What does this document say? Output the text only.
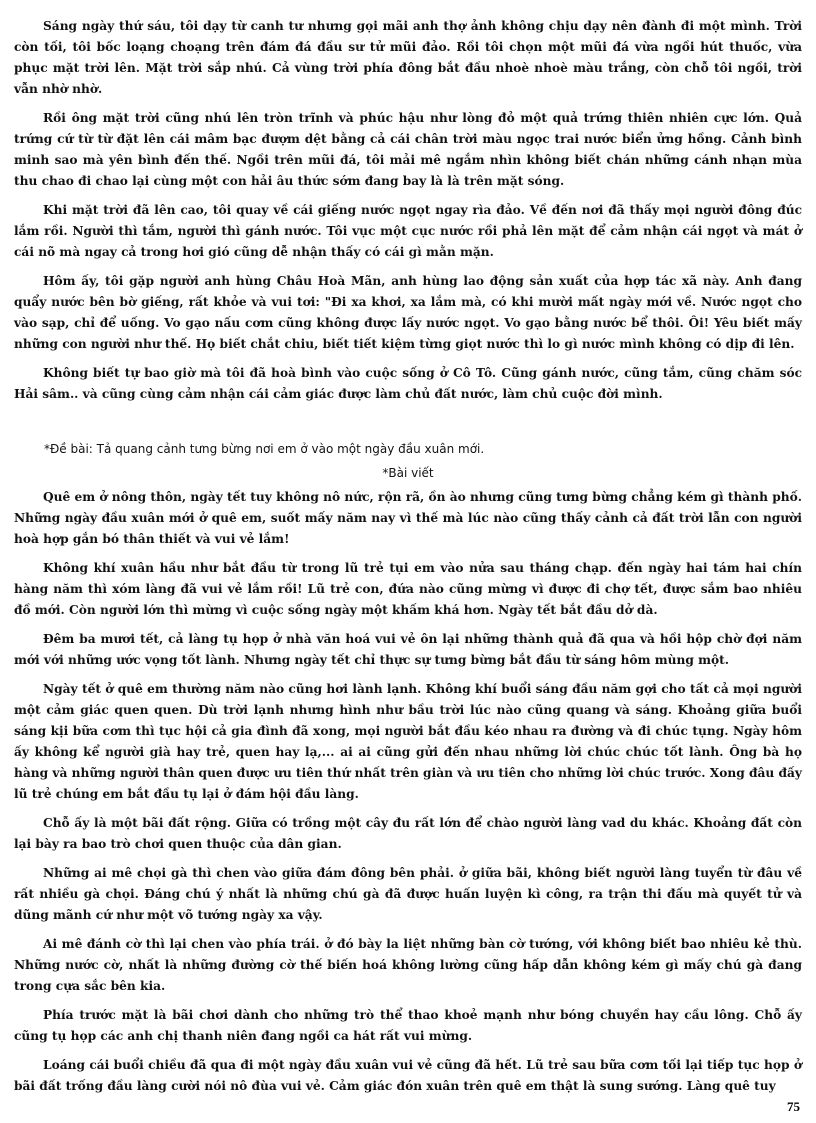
Sáng ngày thứ sáu, tôi dạy từ canh tư nhưng gọi mãi anh thợ ảnh không chịu dạy nên đành đi một mình. Trời còn tối, tôi bốc loạng choạng trên đám đá đầu sư tử mũi đảo. Rồi tôi chọn một mũi đá vừa ngồi hút thuốc, vừa phục mặt trời lên. Mặt trời sắp nhú. Cả vùng trời phía đông bắt đầu nhoè nhoè màu trắng, còn chỗ tôi ngồi, trời vẫn nhờ nhờ.

Rồi ông mặt trời cũng nhú lên tròn trĩnh và phúc hậu như lòng đỏ một quả trứng thiên nhiên cực lớn. Quả trứng cứ từ từ đặt lên cái mâm bạc đượm dệt bằng cả cái chân trời màu ngọc trai nước biển ửng hồng. Cảnh bình minh sao mà yên bình đến thế. Ngồi trên mũi đá, tôi mải mê ngắm nhìn không biết chán những cánh nhạn mùa thu chao đi chao lại cùng một con hải âu thức sớm đang bay là là trên mặt sóng.

Khi mặt trời đã lên cao, tôi quay về cái giếng nước ngọt ngay rìa đảo. Về đến nơi đã thấy mọi người đông đúc lắm rồi. Người thì tắm, người thì gánh nước. Tôi vục một cục nước rồi phả lên mặt để cảm nhận cái ngọt và mát ở cái nõ mà ngay cả trong hơi gió cũng dễ nhận thấy có cái gì mằn mặn.

Hôm ấy, tôi gặp người anh hùng Châu Hoà Mãn, anh hùng lao động sản xuất của hợp tác xã này. Anh đang quẩy nước bên bờ giếng, rất khỏe và vui tơi: "Đi xa khơi, xa lắm mà, có khi mười mất ngày mới về. Nước ngọt cho vào sạp, chỉ để uống. Vo gạo nấu cơm cũng không được lấy nước ngọt. Vo gạo bằng nước bể thôi. Ôi! Yêu biết mấy những con người như thế. Họ biết chắt chiu, biết tiết kiệm từng giọt nước thì lo gì nước mình không có dịp đi lên.

Không biết tự bao giờ mà tôi đã hoà bình vào cuộc sống ở Cô Tô. Cũng gánh nước, cũng tắm, cũng chăm sóc Hải sâm.. và cũng cùng cảm nhận cái cảm giác được làm chủ đất nước, làm chủ cuộc đời mình.

*Đề bài: Tả quang cảnh tưng bừng nơi em ở vào một ngày đầu xuân mới.

*Bài viết

Quê em ở nông thôn, ngày tết tuy không nô nức, rộn rã, ồn ào nhưng cũng tưng bừng chẳng kém gì thành phố. Những ngày đầu xuân mới ở quê em, suốt mấy năm nay vì thế mà lúc nào cũng thấy cảnh cả đất trời lẫn con người hoà hợp gắn bó thân thiết và vui vẻ lắm!

Không khí xuân hầu như bắt đầu từ trong lũ trẻ tụi em vào nửa sau tháng chạp. đến ngày hai tám hai chín hàng năm thì xóm làng đã vui vẻ lắm rồi! Lũ trẻ con, đứa nào cũng mừng vì được đi chợ tết, được sắm bao nhiêu đồ mới. Còn người lớn thì mừng vì cuộc sống ngày một khấm khá hơn. Ngày tết bắt đầu dở dà.

Đêm ba mươi tết, cả làng tụ họp ở nhà văn hoá vui vẻ ôn lại những thành quả đã qua và hồi hộp chờ đợi năm mới với những ước vọng tốt lành. Nhưng ngày tết chỉ thực sự tưng bừng bắt đầu từ sáng hôm mùng một.

Ngày tết ở quê em thường năm nào cũng hơi lành lạnh. Không khí buổi sáng đầu năm gợi cho tất cả mọi người một cảm giác quen quen. Dù trời lạnh nhưng hình như bầu trời lúc nào cũng quang và sáng. Khoảng giữa buổi sáng kịi bữa cơm thì tục hội cả gia đình đã xong, mọi người bắt đầu kéo nhau ra đường và đi chúc tụng. Ngày hôm ấy không kể người già hay trẻ, quen hay lạ,... ai ai cũng gửi đến nhau những lời chúc chúc tốt lành. Ông bà họ hàng và những người thân quen được ưu tiên thứ nhất trên giàn và ưu tiên cho những lời chúc trước. Xong đâu đấy lũ trẻ chúng em bắt đầu tụ lại ở đám hội đầu làng.

Chỗ ấy là một bãi đất rộng. Giữa có trồng một cây đu rất lớn để chào người làng vad du khác. Khoảng đất còn lại bày ra bao trò chơi quen thuộc của dân gian.

Những ai mê chọi gà thì chen vào giữa đám đông bên phải. ở giữa bãi, không biết người làng tuyển từ đâu về rất nhiều gà chọi. Đáng chú ý nhất là những chú gà đã được huấn luyện kì công, ra trận thi đấu mà quyết tử và dũng mãnh cứ như một võ tướng ngày xa vậy.

Ai mê đánh cờ thì lại chen vào phía trái. ở đó bày la liệt những bàn cờ tướng, với không biết bao nhiêu kẻ thù. Những nước cờ, nhất là những đường cờ thế biến hoá không lường cũng hấp dẫn không kém gì mấy chú gà đang trong cựa sắc bên kia.

Phía trước mặt là bãi chơi dành cho những trò thể thao khoẻ mạnh như bóng chuyền hay cầu lông. Chỗ ấy cũng tụ họp các anh chị thanh niên đang ngồi ca hát rất vui mừng.

Loáng cái buổi chiều đã qua đi một ngày đầu xuân vui vẻ cũng đã hết. Lũ trẻ sau bữa cơm tối lại tiếp tục họp ở bãi đất trống đầu làng cười nói nô đùa vui vẻ. Cảm giác đón xuân trên quê em thật là sung sướng. Làng quê tuy

75
